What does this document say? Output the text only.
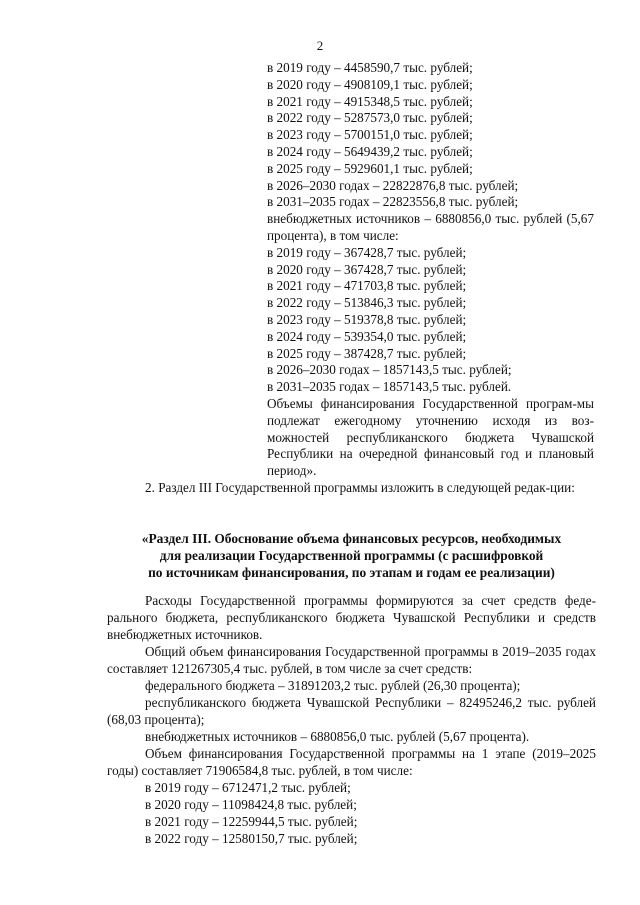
2
в 2019 году – 4458590,7 тыс. рублей;
в 2020 году – 4908109,1 тыс. рублей;
в 2021 году – 4915348,5 тыс. рублей;
в 2022 году – 5287573,0 тыс. рублей;
в 2023 году – 5700151,0 тыс. рублей;
в 2024 году – 5649439,2 тыс. рублей;
в 2025 году – 5929601,1 тыс. рублей;
в 2026–2030 годах – 22822876,8 тыс. рублей;
в 2031–2035 годах – 22823556,8 тыс. рублей;
внебюджетных источников – 6880856,0 тыс. рублей (5,67 процента), в том числе:
в 2019 году – 367428,7 тыс. рублей;
в 2020 году – 367428,7 тыс. рублей;
в 2021 году – 471703,8 тыс. рублей;
в 2022 году – 513846,3 тыс. рублей;
в 2023 году – 519378,8 тыс. рублей;
в 2024 году – 539354,0 тыс. рублей;
в 2025 году – 387428,7 тыс. рублей;
в 2026–2030 годах – 1857143,5 тыс. рублей;
в 2031–2035 годах – 1857143,5 тыс. рублей.
Объемы финансирования Государственной програм-мы подлежат ежегодному уточнению исходя из воз-можностей республиканского бюджета Чувашской Республики на очередной финансовый год и плановый период».

2. Раздел III Государственной программы изложить в следующей редак-ции:

«Раздел III. Обоснование объема финансовых ресурсов, необходимых
для реализации Государственной программы (с расшифровкой
по источникам финансирования, по этапам и годам ее реализации)

Расходы Государственной программы формируются за счет средств феде-рального бюджета, республиканского бюджета Чувашской Республики и средств внебюджетных источников.

Общий объем финансирования Государственной программы в 2019–2035 годах составляет 121267305,4 тыс. рублей, в том числе за счет средств:

федерального бюджета – 31891203,2 тыс. рублей (26,30 процента);

республиканского бюджета Чувашской Республики – 82495246,2 тыс. рублей (68,03 процента);

внебюджетных источников – 6880856,0 тыс. рублей (5,67 процента).

Объем финансирования Государственной программы на 1 этапе (2019–2025 годы) составляет 71906584,8 тыс. рублей, в том числе:

в 2019 году – 6712471,2 тыс. рублей;

в 2020 году – 11098424,8 тыс. рублей;

в 2021 году – 12259944,5 тыс. рублей;

в 2022 году – 12580150,7 тыс. рублей;
